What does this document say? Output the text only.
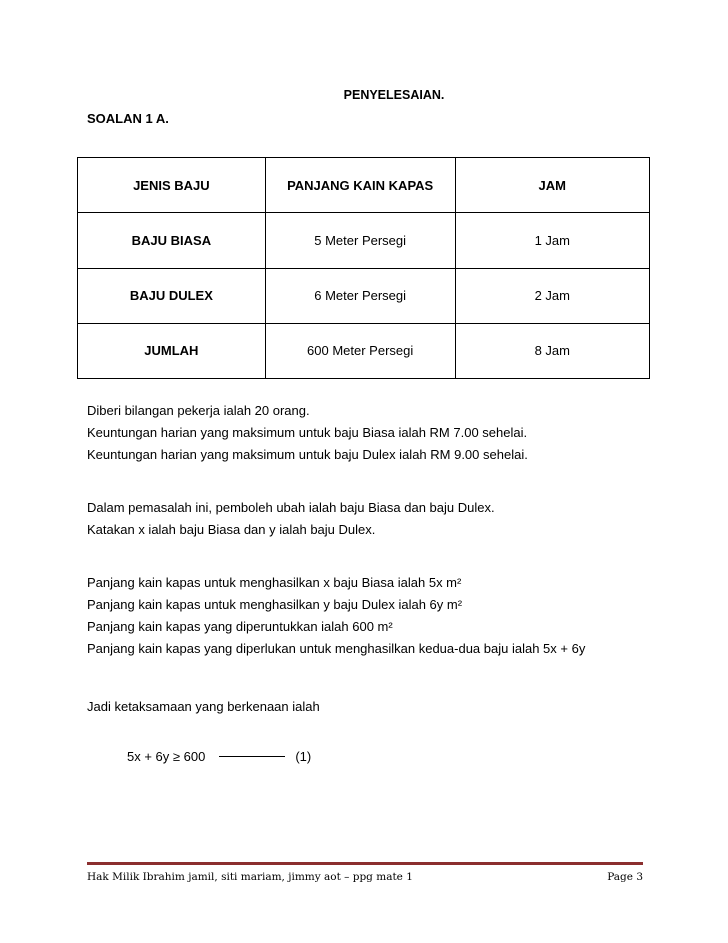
PENYELESAIAN.
SOALAN 1 A.
JENIS BAJU	PANJANG KAIN KAPAS	JAM
BAJU BIASA	5 Meter Persegi	1 Jam
BAJU DULEX	6 Meter Persegi	2 Jam
JUMLAH	600 Meter Persegi	8 Jam
Diberi bilangan pekerja ialah 20 orang.
Keuntungan harian yang maksimum untuk baju Biasa ialah RM 7.00 sehelai.
Keuntungan harian yang maksimum untuk baju Dulex ialah RM 9.00 sehelai.
Dalam pemasalah ini, pemboleh ubah ialah baju Biasa dan baju Dulex.
Katakan x ialah baju Biasa dan y ialah baju Dulex.
Panjang kain kapas untuk menghasilkan x baju Biasa ialah 5x m²
Panjang kain kapas untuk menghasilkan y baju Dulex ialah 6y m²
Panjang kain kapas yang diperuntukkan ialah 600 m²
Panjang kain kapas yang diperlukan untuk menghasilkan kedua-dua baju ialah 5x + 6y
Jadi ketaksamaan yang berkenaan ialah
5x + 6y ≥ 600	(1)
Hak Milik Ibrahim jamil, siti mariam, jimmy aot – ppg mate 1	Page 3
